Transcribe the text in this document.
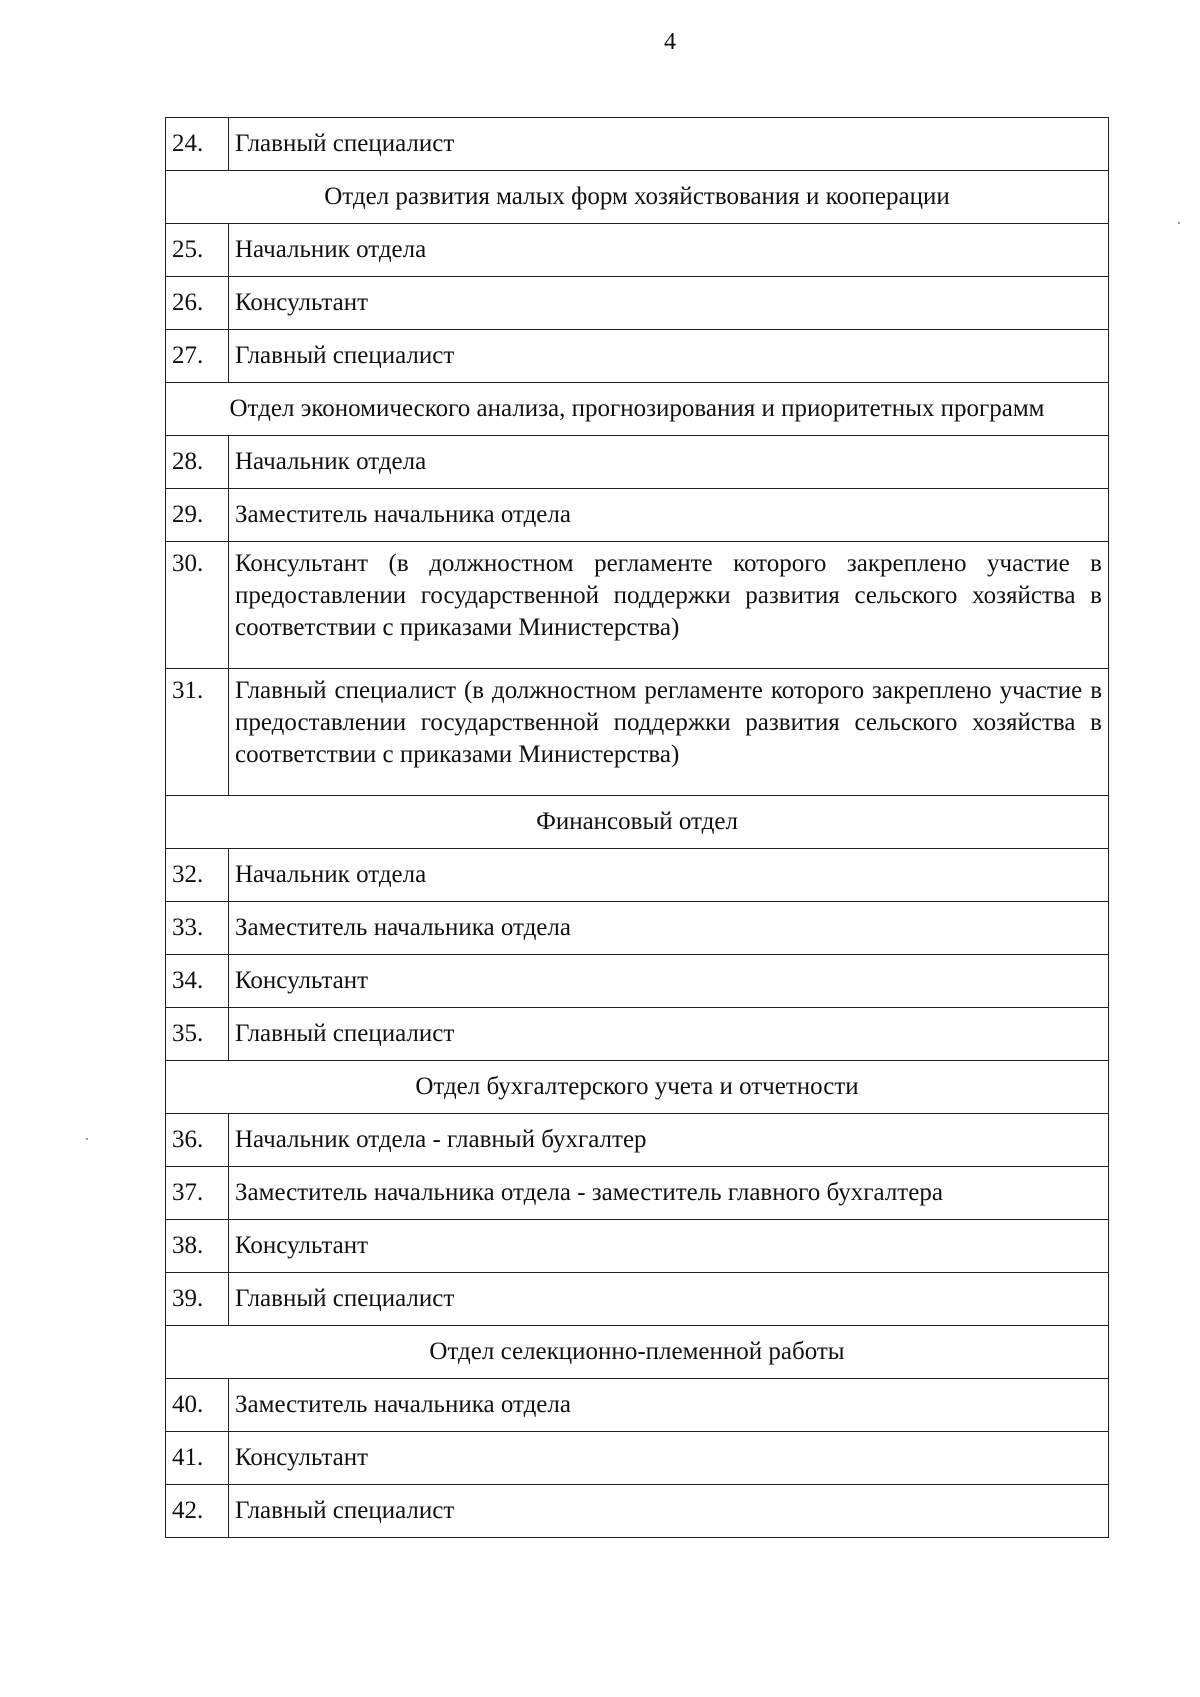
4
24.	Главный специалист
Отдел развития малых форм хозяйствования и кооперации	
25.	Начальник отдела
26.	Консультант
27.	Главный специалист
Отдел экономического анализа, прогнозирования и приоритетных программ	
28.	Начальник отдела
29.	Заместитель начальника отдела
30.	Консультант (в должностном регламенте которого закреплено участие в предоставлении государственной поддержки развития сельского хозяйства в соответствии с приказами Министерства)
31.	Главный специалист (в должностном регламенте которого закреплено участие в предоставлении государственной поддержки развития сельского хозяйства в соответствии с приказами Министерства)
Финансовый отдел	
32.	Начальник отдела
33.	Заместитель начальника отдела
34.	Консультант
35.	Главный специалист
Отдел бухгалтерского учета и отчетности	
36.	Начальник отдела - главный бухгалтер
37.	Заместитель начальника отдела - заместитель главного бухгалтера
38.	Консультант
39.	Главный специалист
Отдел селекционно-племенной работы	
40.	Заместитель начальника отдела
41.	Консультант
42.	Главный специалист
